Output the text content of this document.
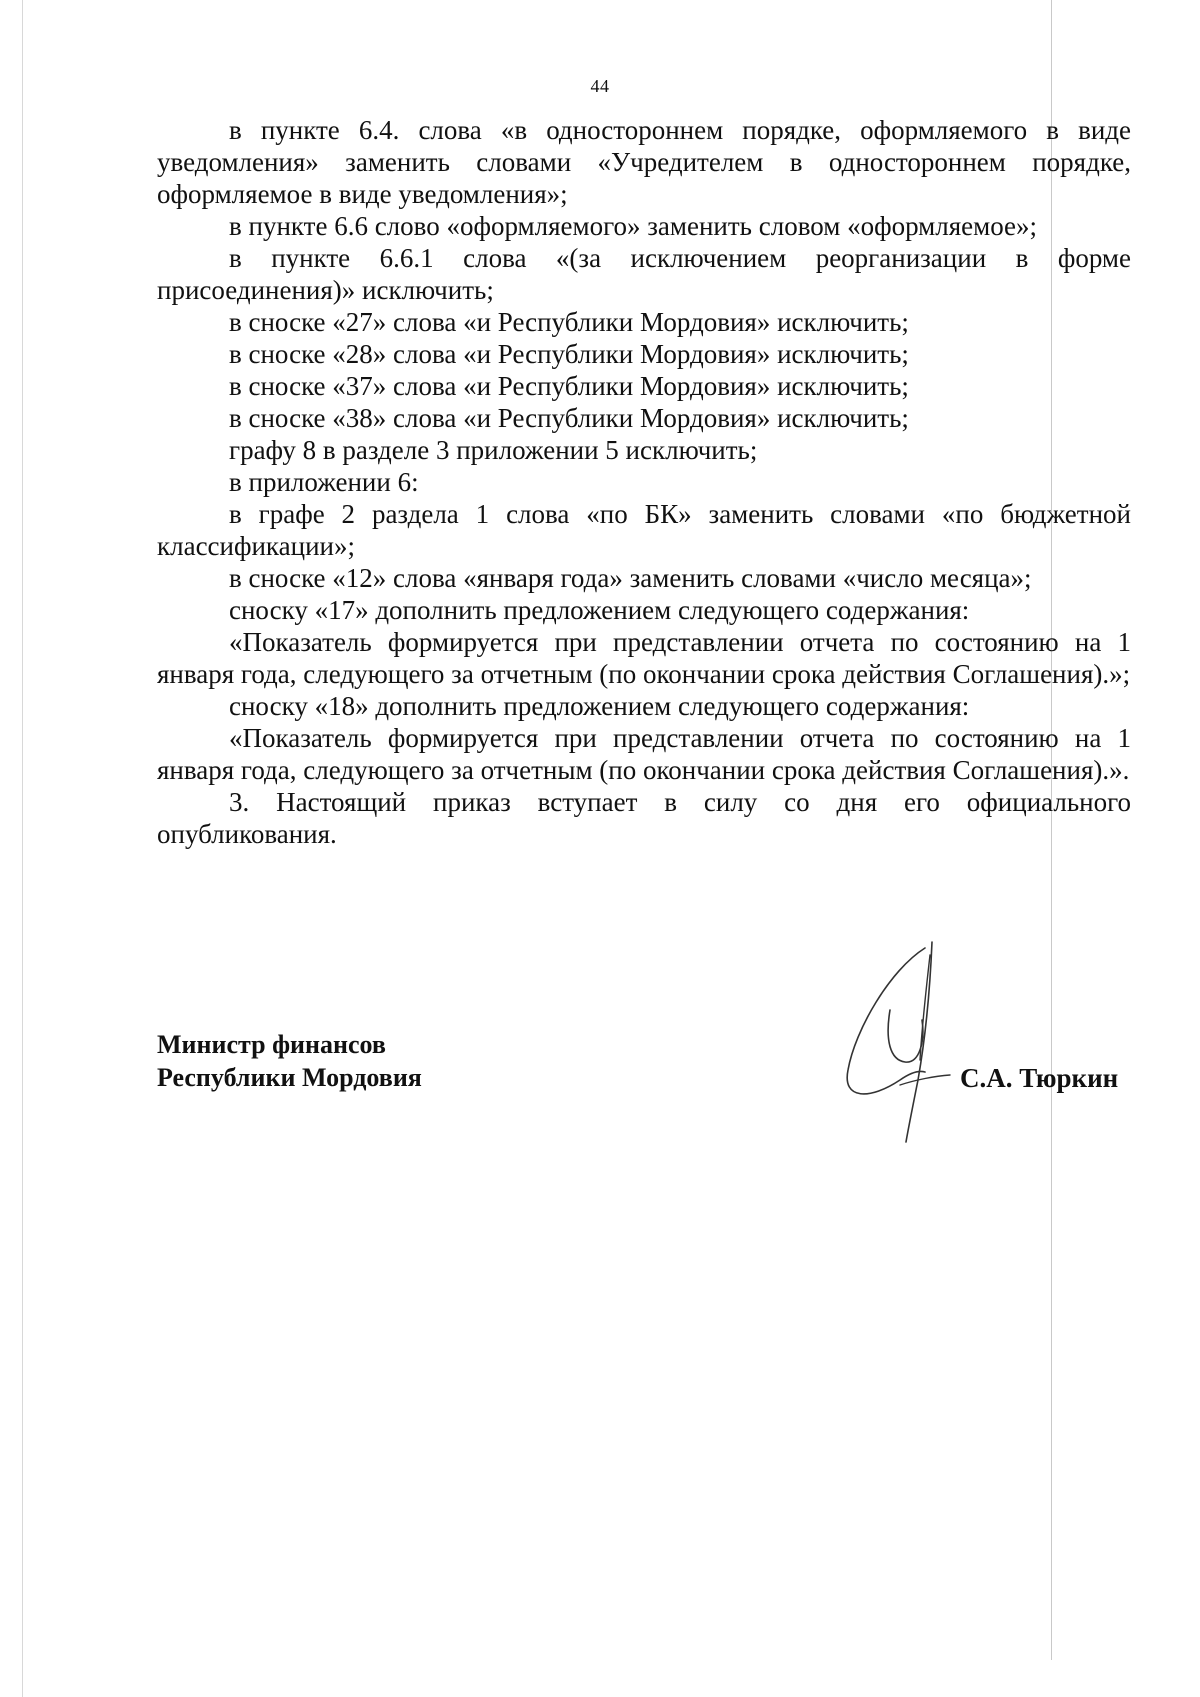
44

в пункте 6.4. слова «в одностороннем порядке, оформляемого в виде уведомления» заменить словами «Учредителем в одностороннем порядке, оформляемое в виде уведомления»;

в пункте 6.6 слово «оформляемого» заменить словом «оформляемое»;

в пункте 6.6.1 слова «(за исключением реорганизации в форме присоединения)» исключить;

в сноске «27» слова «и Республики Мордовия» исключить;

в сноске «28» слова «и Республики Мордовия» исключить;

в сноске «37» слова «и Республики Мордовия» исключить;

в сноске «38» слова «и Республики Мордовия» исключить;

графу 8 в разделе 3 приложении 5 исключить;

в приложении 6:

в графе 2 раздела 1 слова «по БК» заменить словами «по бюджетной классификации»;

в сноске «12» слова «января года» заменить словами «число месяца»;

сноску «17» дополнить предложением следующего содержания:

«Показатель формируется при представлении отчета по состоянию на 1 января года, следующего за отчетным (по окончании срока действия Соглашения).»;

сноску «18» дополнить предложением следующего содержания:

«Показатель формируется при представлении отчета по состоянию на 1 января года, следующего за отчетным (по окончании срока действия Соглашения).».

3. Настоящий приказ вступает в силу со дня его официального опубликования.

Министр финансов
Республики Мордовия	С.А. Тюркин
